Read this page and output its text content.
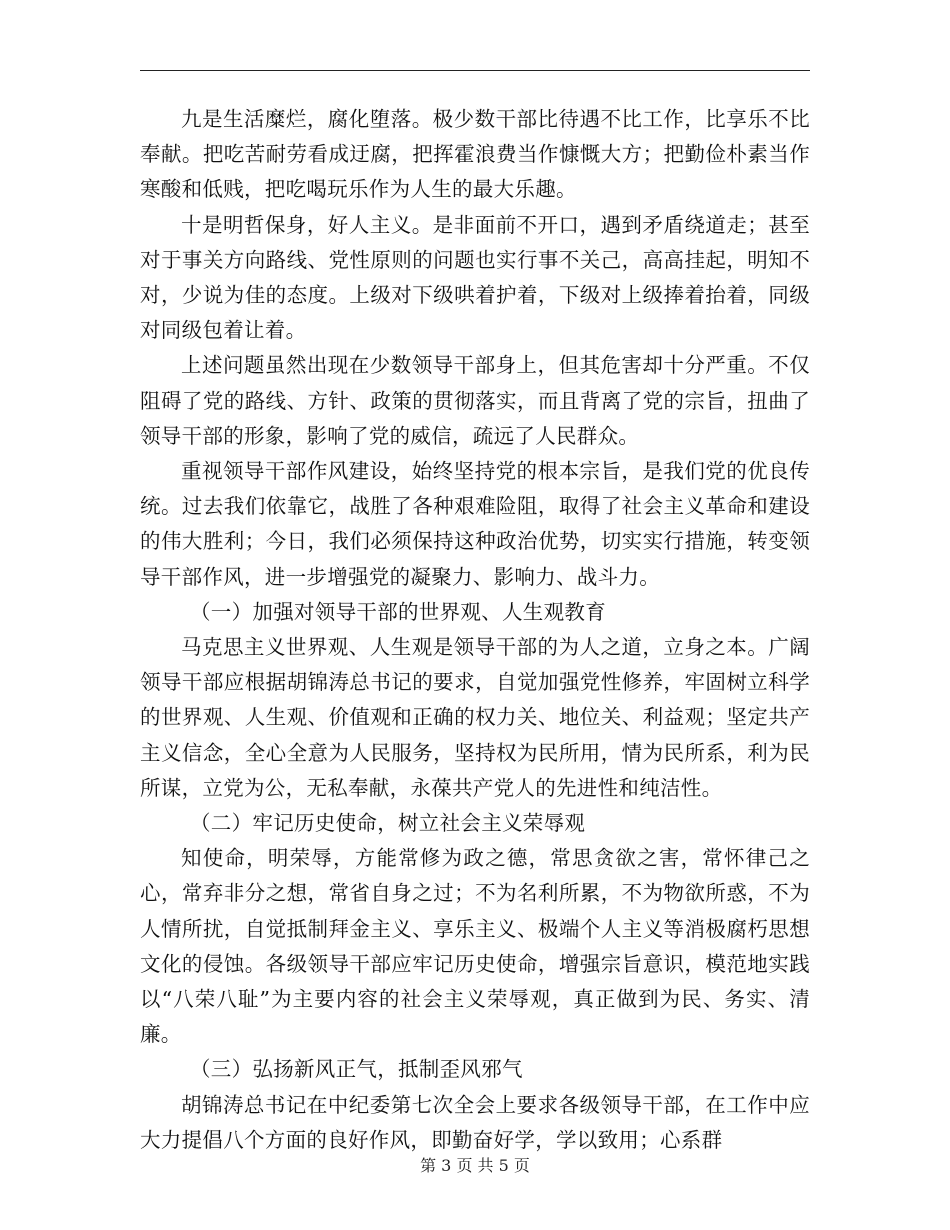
九是生活糜烂，腐化堕落。极少数干部比待遇不比工作，比享乐不比奉献。把吃苦耐劳看成迂腐，把挥霍浪费当作慷慨大方；把勤俭朴素当作寒酸和低贱，把吃喝玩乐作为人生的最大乐趣。

十是明哲保身，好人主义。是非面前不开口，遇到矛盾绕道走；甚至对于事关方向路线、党性原则的问题也实行事不关己，高高挂起，明知不对，少说为佳的态度。上级对下级哄着护着，下级对上级捧着抬着，同级对同级包着让着。

上述问题虽然出现在少数领导干部身上，但其危害却十分严重。不仅阻碍了党的路线、方针、政策的贯彻落实，而且背离了党的宗旨，扭曲了领导干部的形象，影响了党的威信，疏远了人民群众。

重视领导干部作风建设，始终坚持党的根本宗旨，是我们党的优良传统。过去我们依靠它，战胜了各种艰难险阻，取得了社会主义革命和建设的伟大胜利；今日，我们必须保持这种政治优势，切实实行措施，转变领导干部作风，进一步增强党的凝聚力、影响力、战斗力。

（一）加强对领导干部的世界观、人生观教育

马克思主义世界观、人生观是领导干部的为人之道，立身之本。广阔领导干部应根据胡锦涛总书记的要求，自觉加强党性修养，牢固树立科学的世界观、人生观、价值观和正确的权力关、地位关、利益观；坚定共产主义信念，全心全意为人民服务，坚持权为民所用，情为民所系，利为民所谋，立党为公，无私奉献，永葆共产党人的先进性和纯洁性。

（二）牢记历史使命，树立社会主义荣辱观

知使命，明荣辱，方能常修为政之德，常思贪欲之害，常怀律己之心，常弃非分之想，常省自身之过；不为名利所累，不为物欲所惑，不为人情所扰，自觉抵制拜金主义、享乐主义、极端个人主义等消极腐朽思想文化的侵蚀。各级领导干部应牢记历史使命，增强宗旨意识，模范地实践以“八荣八耻”为主要内容的社会主义荣辱观，真正做到为民、务实、清廉。

（三）弘扬新风正气，抵制歪风邪气

胡锦涛总书记在中纪委第七次全会上要求各级领导干部，在工作中应大力提倡八个方面的良好作风，即勤奋好学，学以致用；心系群

第 3 页 共 5 页
